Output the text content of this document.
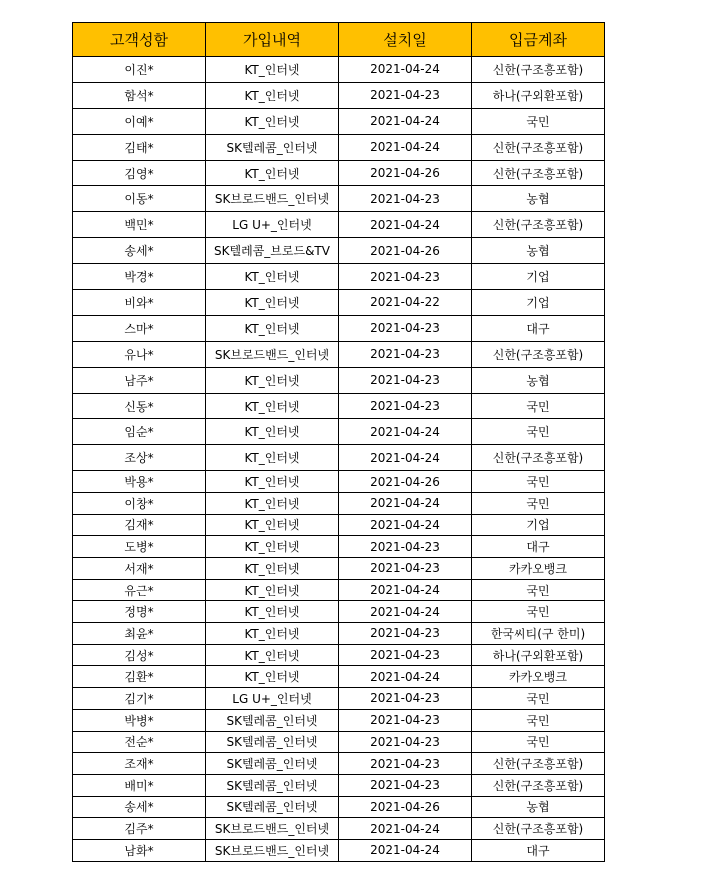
고객성함	가입내역	설치일	입금계좌
이진*	KT_인터넷	2021-04-24	신한(구조흥포함)
함석*	KT_인터넷	2021-04-23	하나(구외환포함)
이예*	KT_인터넷	2021-04-24	국민
김태*	SK텔레콤_인터넷	2021-04-24	신한(구조흥포함)
김영*	KT_인터넷	2021-04-26	신한(구조흥포함)
이동*	SK브로드밴드_인터넷	2021-04-23	농협
백민*	LG U+_인터넷	2021-04-24	신한(구조흥포함)
송세*	SK텔레콤_브로드&TV	2021-04-26	농협
박경*	KT_인터넷	2021-04-23	기업
비와*	KT_인터넷	2021-04-22	기업
스마*	KT_인터넷	2021-04-23	대구
유나*	SK브로드밴드_인터넷	2021-04-23	신한(구조흥포함)
남주*	KT_인터넷	2021-04-23	농협
신동*	KT_인터넷	2021-04-23	국민
임순*	KT_인터넷	2021-04-24	국민
조상*	KT_인터넷	2021-04-24	신한(구조흥포함)
박용*	KT_인터넷	2021-04-26	국민
이창*	KT_인터넷	2021-04-24	국민
김재*	KT_인터넷	2021-04-24	기업
도병*	KT_인터넷	2021-04-23	대구
서재*	KT_인터넷	2021-04-23	카카오뱅크
유근*	KT_인터넷	2021-04-24	국민
정명*	KT_인터넷	2021-04-24	국민
최윤*	KT_인터넷	2021-04-23	한국씨티(구 한미)
김성*	KT_인터넷	2021-04-23	하나(구외환포함)
김환*	KT_인터넷	2021-04-24	카카오뱅크
김기*	LG U+_인터넷	2021-04-23	국민
박병*	SK텔레콤_인터넷	2021-04-23	국민
전순*	SK텔레콤_인터넷	2021-04-23	국민
조재*	SK텔레콤_인터넷	2021-04-23	신한(구조흥포함)
배미*	SK텔레콤_인터넷	2021-04-23	신한(구조흥포함)
송세*	SK텔레콤_인터넷	2021-04-26	농협
김주*	SK브로드밴드_인터넷	2021-04-24	신한(구조흥포함)
남화*	SK브로드밴드_인터넷	2021-04-24	대구
